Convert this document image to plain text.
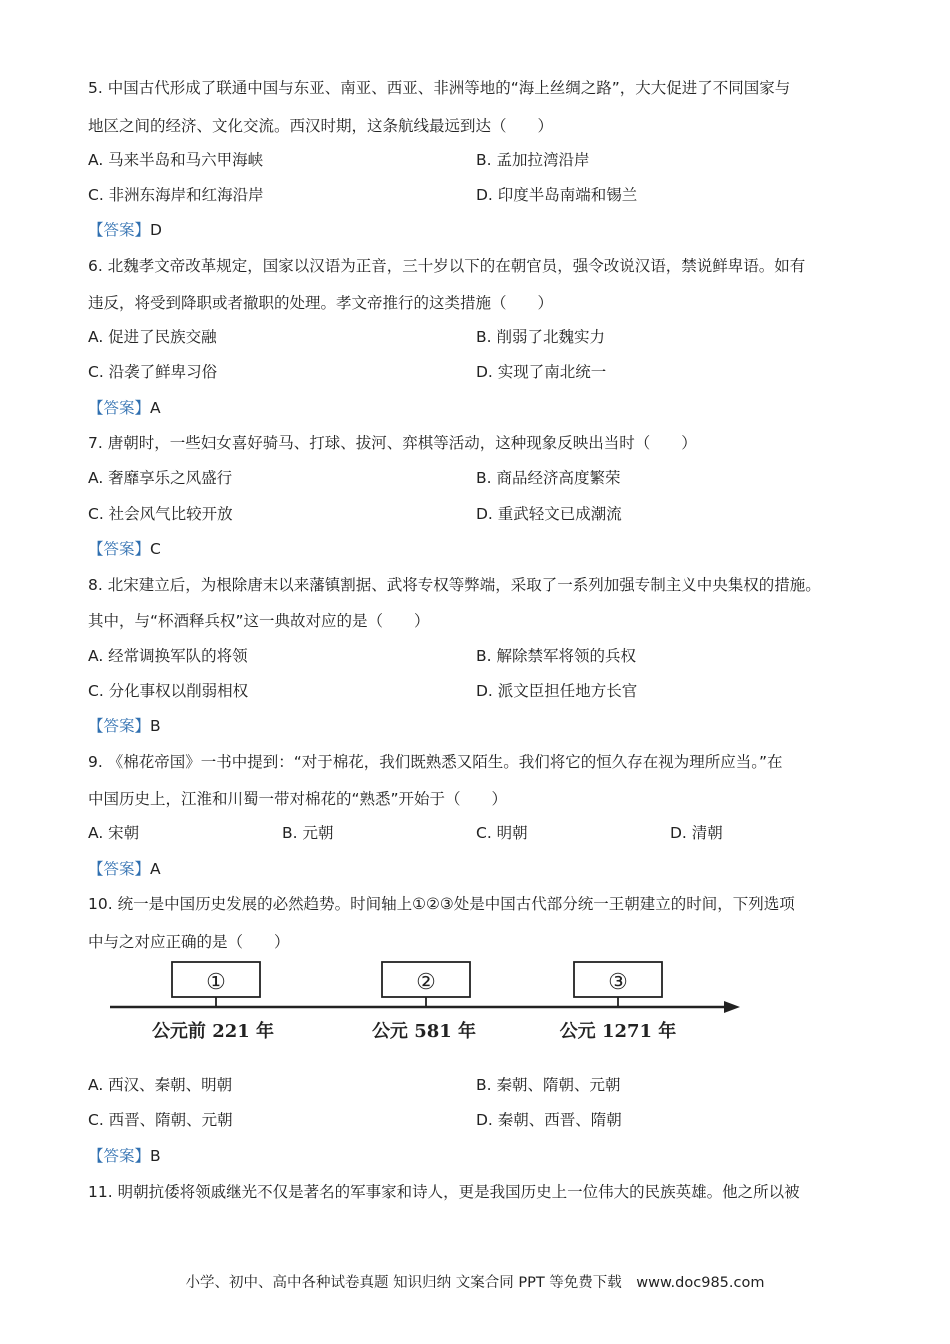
5. 中国古代形成了联通中国与东亚、南亚、西亚、非洲等地的“海上丝绸之路”，大大促进了不同国家与
地区之间的经济、文化交流。西汉时期，这条航线最远到达（　　）
A. 马来半岛和马六甲海峡	B. 孟加拉湾沿岸
C. 非洲东海岸和红海沿岸	D. 印度半岛南端和锡兰
【答案】D
6. 北魏孝文帝改革规定，国家以汉语为正音，三十岁以下的在朝官员，强令改说汉语，禁说鲜卑语。如有
违反，将受到降职或者撤职的处理。孝文帝推行的这类措施（　　）
A. 促进了民族交融	B. 削弱了北魏实力
C. 沿袭了鲜卑习俗	D. 实现了南北统一
【答案】A
7. 唐朝时，一些妇女喜好骑马、打球、拔河、弈棋等活动，这种现象反映出当时（　　）
A. 奢靡享乐之风盛行	B. 商品经济高度繁荣
C. 社会风气比较开放	D. 重武轻文已成潮流
【答案】C
8. 北宋建立后，为根除唐末以来藩镇割据、武将专权等弊端，采取了一系列加强专制主义中央集权的措施。
其中，与“杯酒释兵权”这一典故对应的是（　　）
A. 经常调换军队的将领	B. 解除禁军将领的兵权
C. 分化事权以削弱相权	D. 派文臣担任地方长官
【答案】B
9. 《棉花帝国》一书中提到：“对于棉花，我们既熟悉又陌生。我们将它的恒久存在视为理所应当。”在
中国历史上，江淮和川蜀一带对棉花的“熟悉”开始于（　　）
A. 宋朝	B. 元朝	C. 明朝	D. 清朝
【答案】A
10. 统一是中国历史发展的必然趋势。时间轴上①②③处是中国古代部分统一王朝建立的时间，下列选项
中与之对应正确的是（　　）
①	②	③
公元前 221 年	公元 581 年	公元 1271 年
A. 西汉、秦朝、明朝	B. 秦朝、隋朝、元朝
C. 西晋、隋朝、元朝	D. 秦朝、西晋、隋朝
【答案】B
11. 明朝抗倭将领戚继光不仅是著名的军事家和诗人，更是我国历史上一位伟大的民族英雄。他之所以被
小学、初中、高中各种试卷真题 知识归纳 文案合同 PPT 等免费下载　www.doc985.com
